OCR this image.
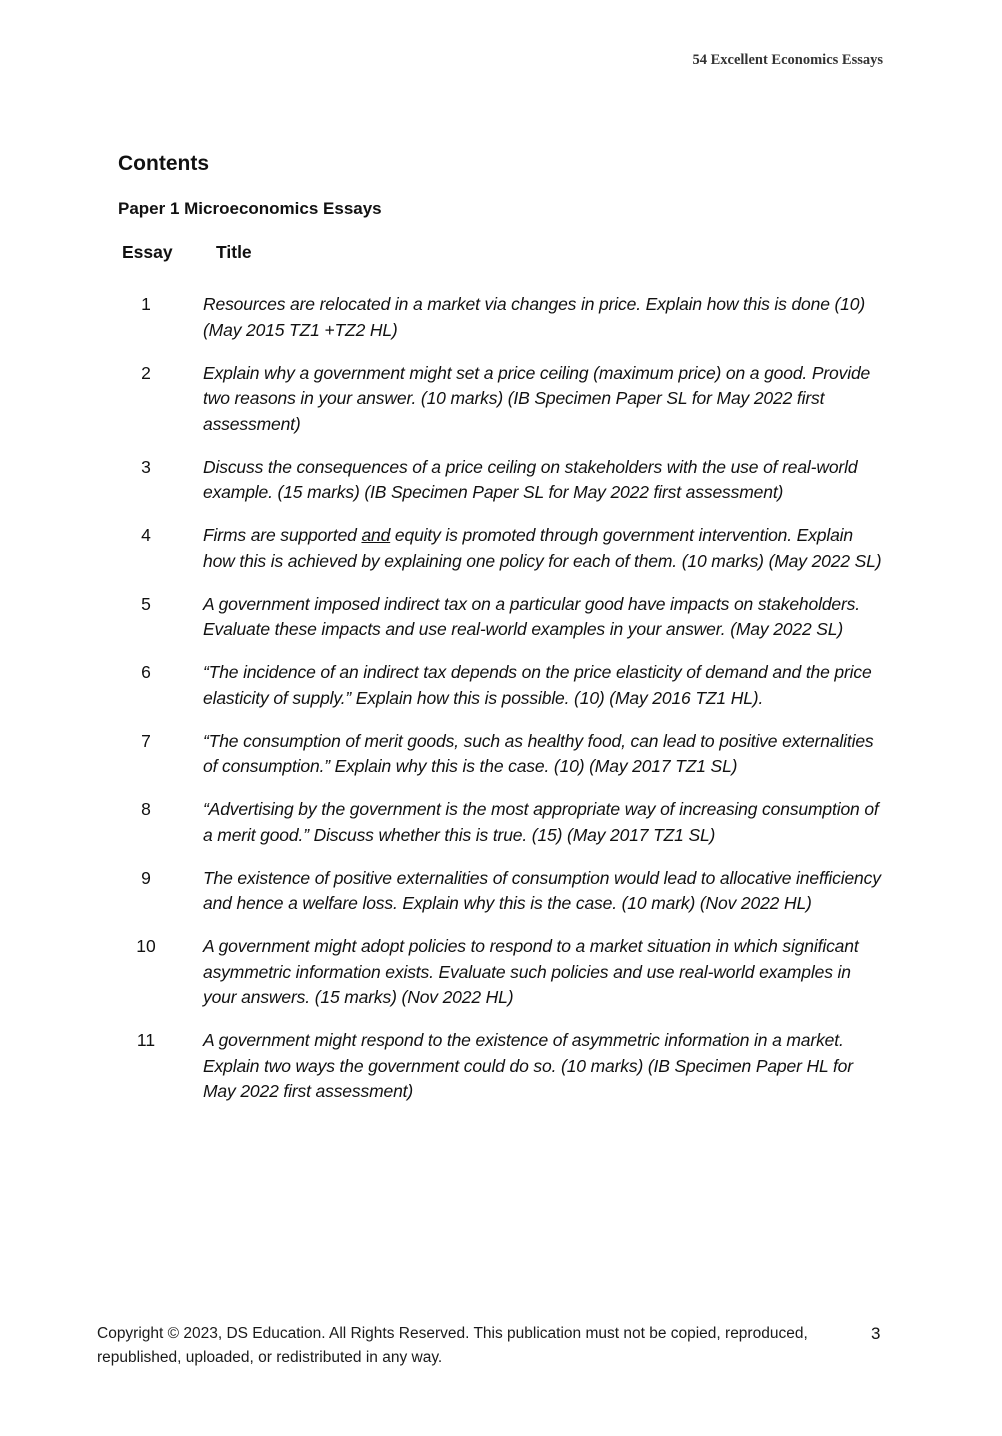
54 Excellent Economics Essays
Contents
Paper 1 Microeconomics Essays
Essay Title
1	Resources are relocated in a market via changes in price. Explain how this is done (10) (May 2015 TZ1 +TZ2 HL)
2	Explain why a government might set a price ceiling (maximum price) on a good. Provide two reasons in your answer. (10 marks) (IB Specimen Paper SL for May 2022 first assessment)
3	Discuss the consequences of a price ceiling on stakeholders with the use of real-world example. (15 marks) (IB Specimen Paper SL for May 2022 first assessment)
4	Firms are supported and equity is promoted through government intervention. Explain how this is achieved by explaining one policy for each of them. (10 marks) (May 2022 SL)
5	A government imposed indirect tax on a particular good have impacts on stakeholders. Evaluate these impacts and use real-world examples in your answer. (May 2022 SL)
6	“The incidence of an indirect tax depends on the price elasticity of demand and the price elasticity of supply.” Explain how this is possible. (10) (May 2016 TZ1 HL).
7	“The consumption of merit goods, such as healthy food, can lead to positive externalities of consumption.” Explain why this is the case. (10) (May 2017 TZ1 SL)
8	“Advertising by the government is the most appropriate way of increasing consumption of a merit good.” Discuss whether this is true. (15) (May 2017 TZ1 SL)
9	The existence of positive externalities of consumption would lead to allocative inefficiency and hence a welfare loss. Explain why this is the case. (10 mark) (Nov 2022 HL)
10	A government might adopt policies to respond to a market situation in which significant asymmetric information exists. Evaluate such policies and use real-world examples in your answers. (15 marks) (Nov 2022 HL)
11	A government might respond to the existence of asymmetric information in a market. Explain two ways the government could do so. (10 marks) (IB Specimen Paper HL for May 2022 first assessment)
Copyright © 2023, DS Education. All Rights Reserved. This publication must not be copied, reproduced, republished, uploaded, or redistributed in any way.
3
